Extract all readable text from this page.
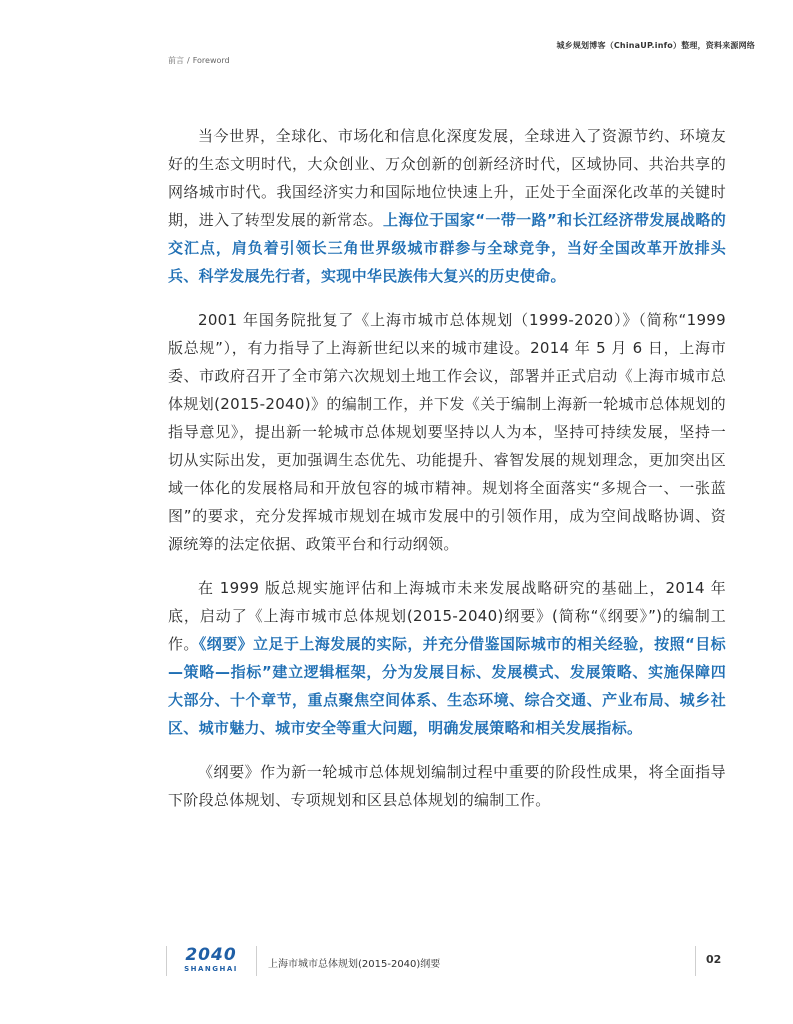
城乡规划博客（ChinaUP.info）整理，资料来源网络
前言 / Foreword

当今世界，全球化、市场化和信息化深度发展，全球进入了资源节约、环境友好的生态文明时代，大众创业、万众创新的创新经济时代，区域协同、共治共享的网络城市时代。我国经济实力和国际地位快速上升，正处于全面深化改革的关键时期，进入了转型发展的新常态。上海位于国家“一带一路”和长江经济带发展战略的交汇点，肩负着引领长三角世界级城市群参与全球竞争，当好全国改革开放排头兵、科学发展先行者，实现中华民族伟大复兴的历史使命。

2001 年国务院批复了《上海市城市总体规划（1999-2020）》（简称“1999版总规”），有力指导了上海新世纪以来的城市建设。2014 年 5 月 6 日，上海市委、市政府召开了全市第六次规划土地工作会议，部署并正式启动《上海市城市总体规划(2015-2040)》的编制工作，并下发《关于编制上海新一轮城市总体规划的指导意见》，提出新一轮城市总体规划要坚持以人为本，坚持可持续发展，坚持一切从实际出发，更加强调生态优先、功能提升、睿智发展的规划理念，更加突出区域一体化的发展格局和开放包容的城市精神。规划将全面落实“多规合一、一张蓝图”的要求，充分发挥城市规划在城市发展中的引领作用，成为空间战略协调、资源统筹的法定依据、政策平台和行动纲领。

在 1999 版总规实施评估和上海城市未来发展战略研究的基础上，2014 年底，启动了《上海市城市总体规划(2015-2040)纲要》(简称“《纲要》”)的编制工作。《纲要》立足于上海发展的实际，并充分借鉴国际城市的相关经验，按照“目标—策略—指标”建立逻辑框架，分为发展目标、发展模式、发展策略、实施保障四大部分、十个章节，重点聚焦空间体系、生态环境、综合交通、产业布局、城乡社区、城市魅力、城市安全等重大问题，明确发展策略和相关发展指标。

《纲要》作为新一轮城市总体规划编制过程中重要的阶段性成果，将全面指导下阶段总体规划、专项规划和区县总体规划的编制工作。

2040
SHANGHAI	上海市城市总体规划(2015-2040)纲要	02
